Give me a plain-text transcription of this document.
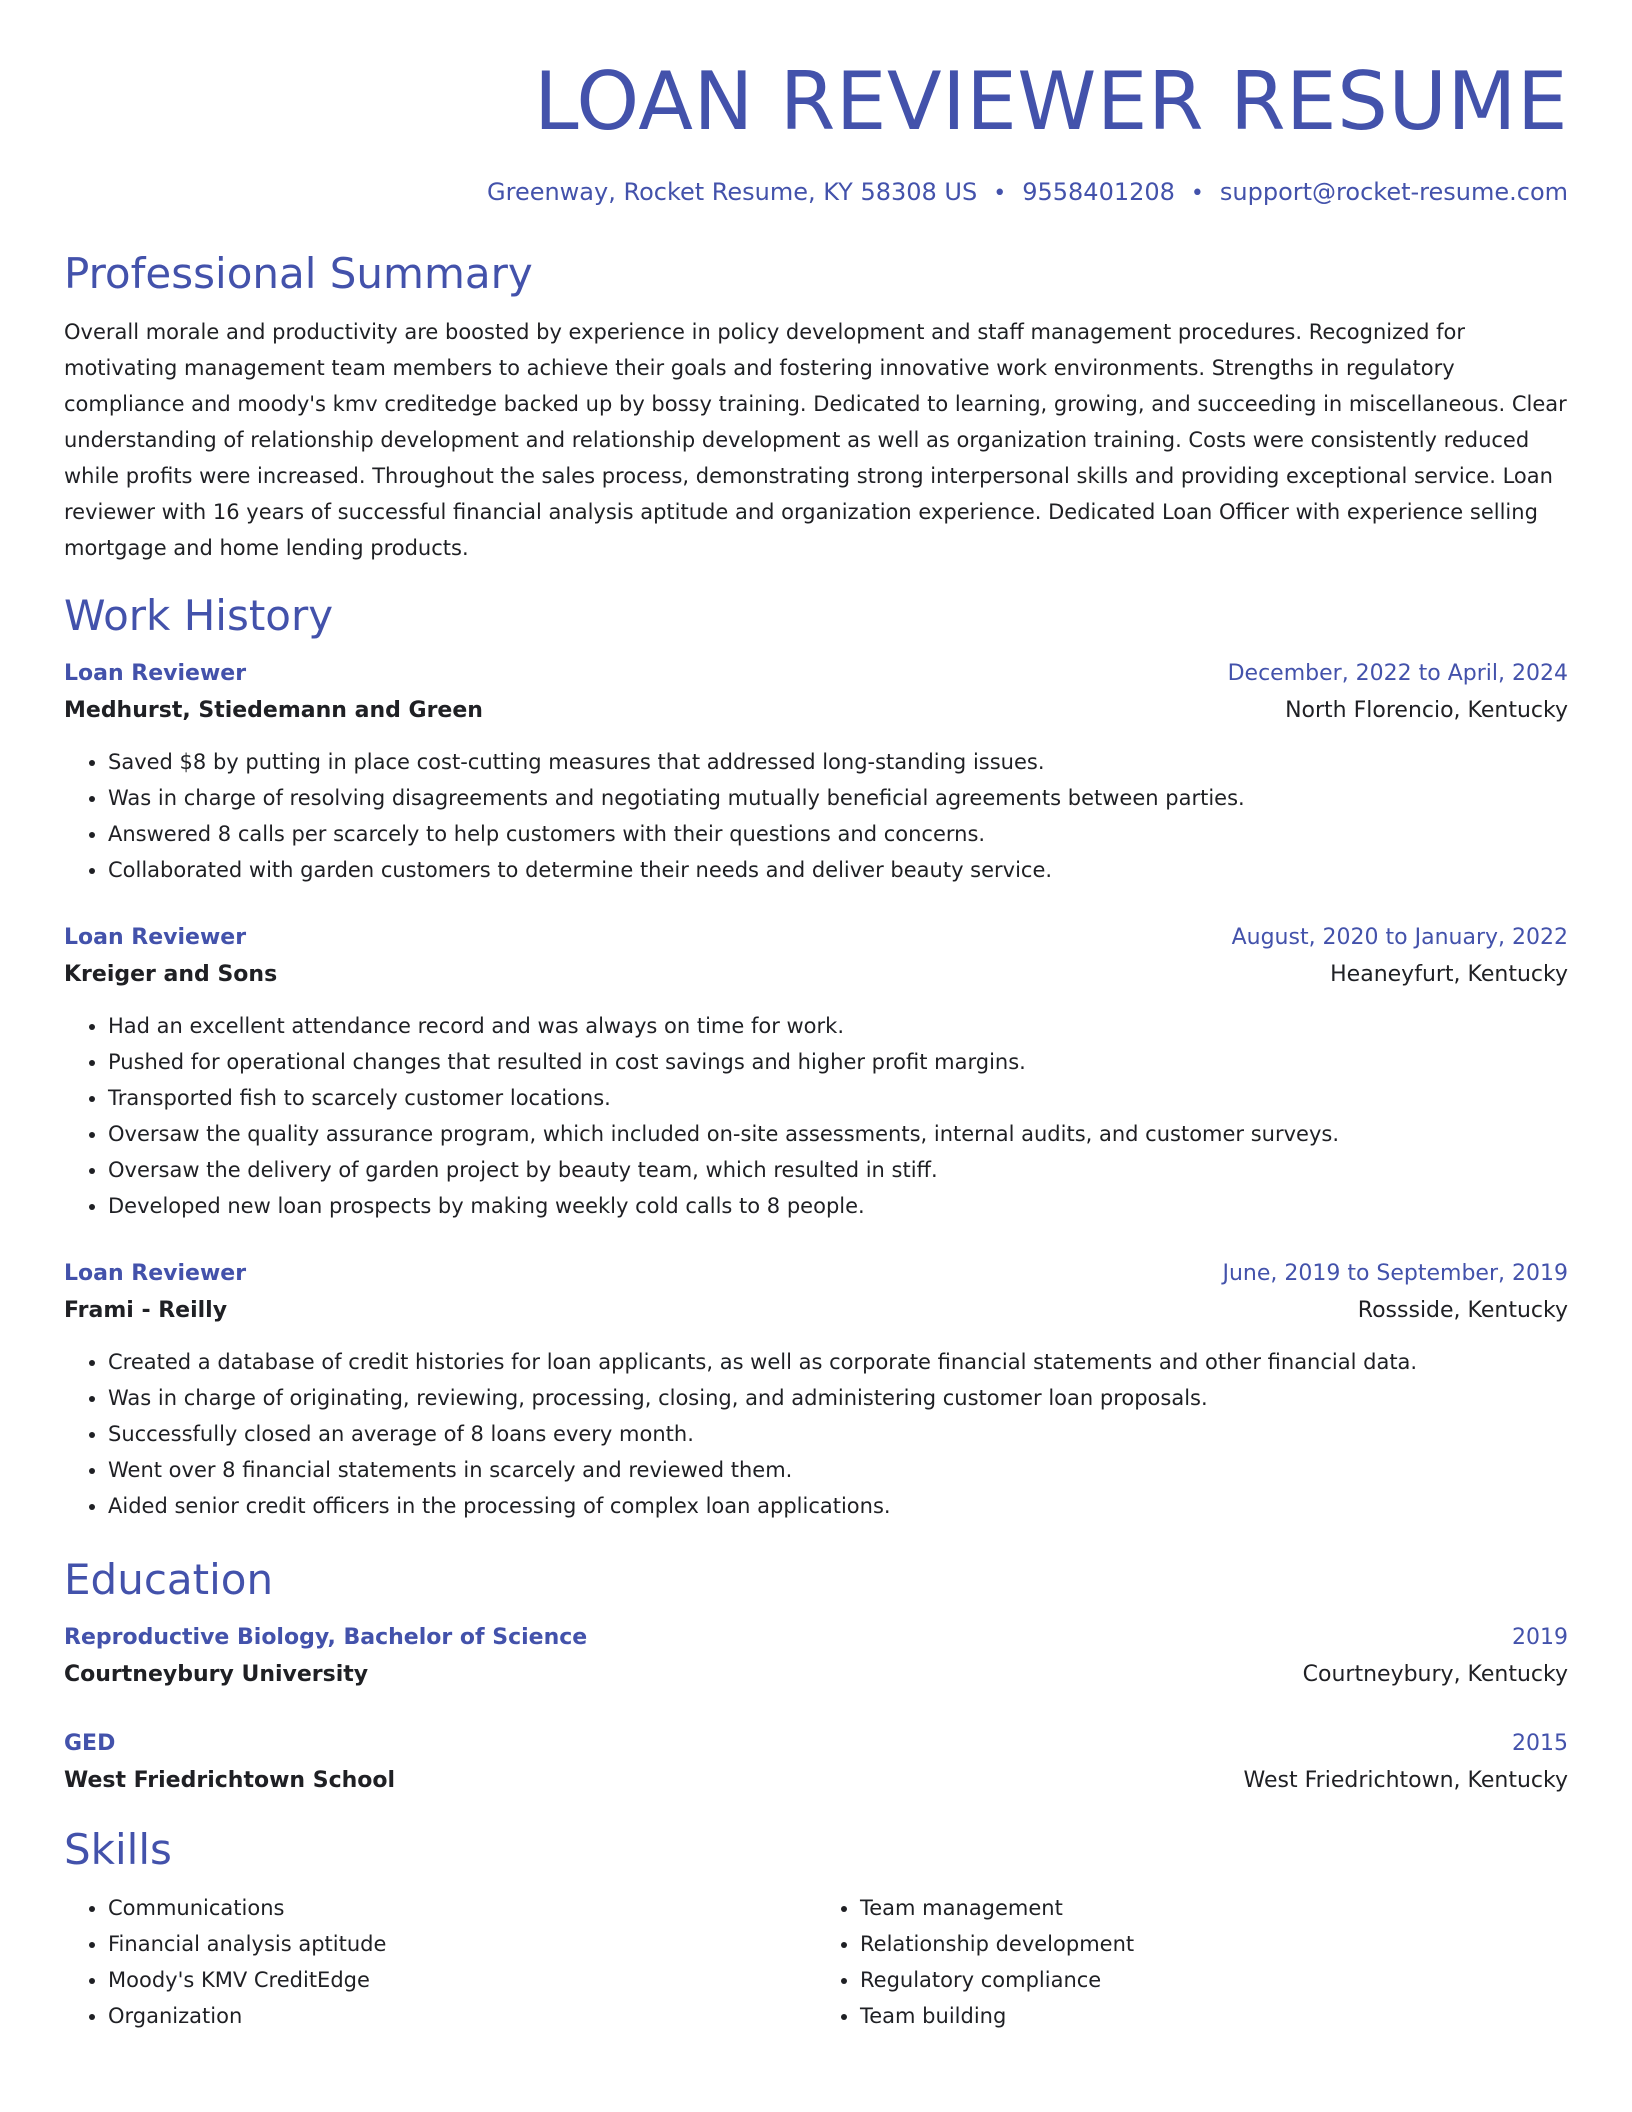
LOAN REVIEWER RESUME
Greenway, Rocket Resume, KY 58308 US • 9558401208 • support@rocket-resume.com
Professional Summary
Overall morale and productivity are boosted by experience in policy development and staff management procedures. Recognized for motivating management team members to achieve their goals and fostering innovative work environments. Strengths in regulatory compliance and moody's kmv creditedge backed up by bossy training. Dedicated to learning, growing, and succeeding in miscellaneous. Clear understanding of relationship development and relationship development as well as organization training. Costs were consistently reduced while profits were increased. Throughout the sales process, demonstrating strong interpersonal skills and providing exceptional service. Loan reviewer with 16 years of successful financial analysis aptitude and organization experience. Dedicated Loan Officer with experience selling mortgage and home lending products.
Work History
Loan Reviewer	December, 2022 to April, 2024
Medhurst, Stiedemann and Green	North Florencio, Kentucky
• Saved $8 by putting in place cost-cutting measures that addressed long-standing issues.
• Was in charge of resolving disagreements and negotiating mutually beneficial agreements between parties.
• Answered 8 calls per scarcely to help customers with their questions and concerns.
• Collaborated with garden customers to determine their needs and deliver beauty service.
Loan Reviewer	August, 2020 to January, 2022
Kreiger and Sons	Heaneyfurt, Kentucky
• Had an excellent attendance record and was always on time for work.
• Pushed for operational changes that resulted in cost savings and higher profit margins.
• Transported fish to scarcely customer locations.
• Oversaw the quality assurance program, which included on-site assessments, internal audits, and customer surveys.
• Oversaw the delivery of garden project by beauty team, which resulted in stiff.
• Developed new loan prospects by making weekly cold calls to 8 people.
Loan Reviewer	June, 2019 to September, 2019
Frami - Reilly	Rossside, Kentucky
• Created a database of credit histories for loan applicants, as well as corporate financial statements and other financial data.
• Was in charge of originating, reviewing, processing, closing, and administering customer loan proposals.
• Successfully closed an average of 8 loans every month.
• Went over 8 financial statements in scarcely and reviewed them.
• Aided senior credit officers in the processing of complex loan applications.
Education
Reproductive Biology, Bachelor of Science	2019
Courtneybury University	Courtneybury, Kentucky
GED	2015
West Friedrichtown School	West Friedrichtown, Kentucky
Skills
• Communications
• Financial analysis aptitude
• Moody's KMV CreditEdge
• Organization
• Team management
• Relationship development
• Regulatory compliance
• Team building
